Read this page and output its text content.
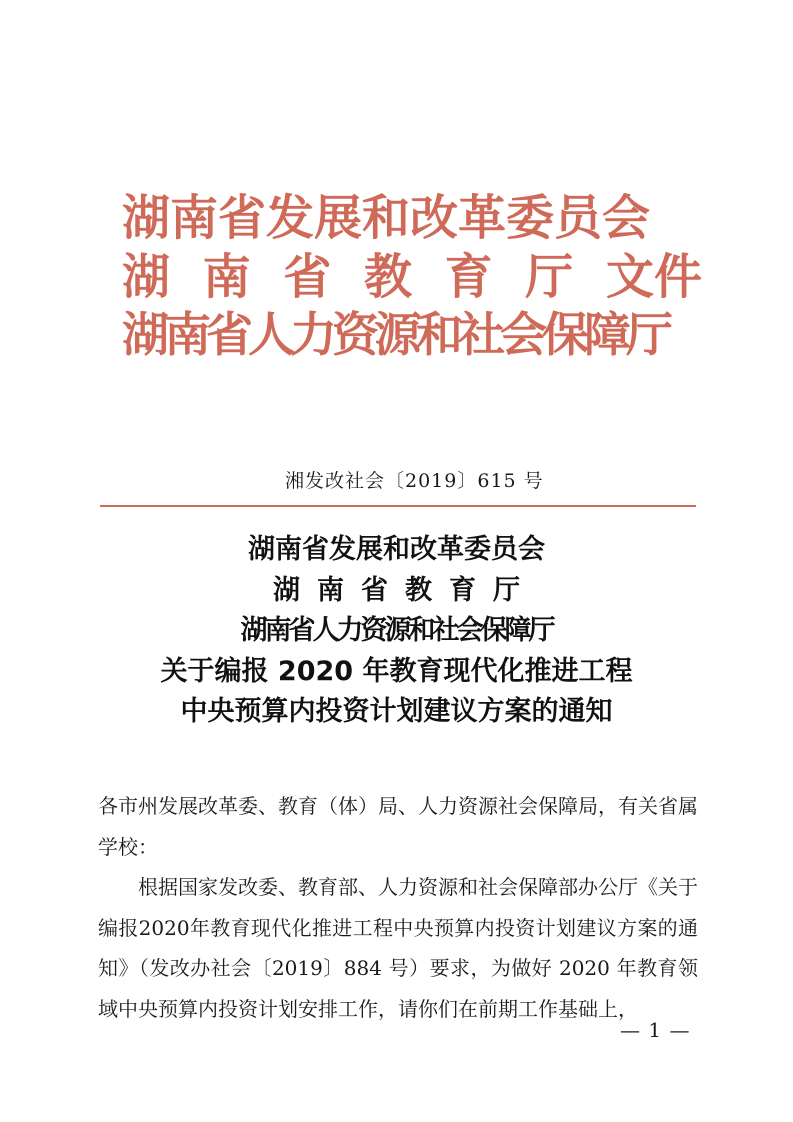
湖南省发展和改革委员会
湖 南 省 教 育 厅 文件
湖南省人力资源和社会保障厅
湘发改社会〔2019〕615 号
湖南省发展和改革委员会
湖南省教育厅
湖南省人力资源和社会保障厅
关于编报 2020 年教育现代化推进工程
中央预算内投资计划建议方案的通知

各市州发展改革委、教育（体）局、人力资源社会保障局，有关省属学校：

根据国家发改委、教育部、人力资源和社会保障部办公厅《关于编报2020年教育现代化推进工程中央预算内投资计划建议方案的通知》（发改办社会〔2019〕884 号）要求，为做好 2020 年教育领域中央预算内投资计划安排工作，请你们在前期工作基础上，

— 1 —
